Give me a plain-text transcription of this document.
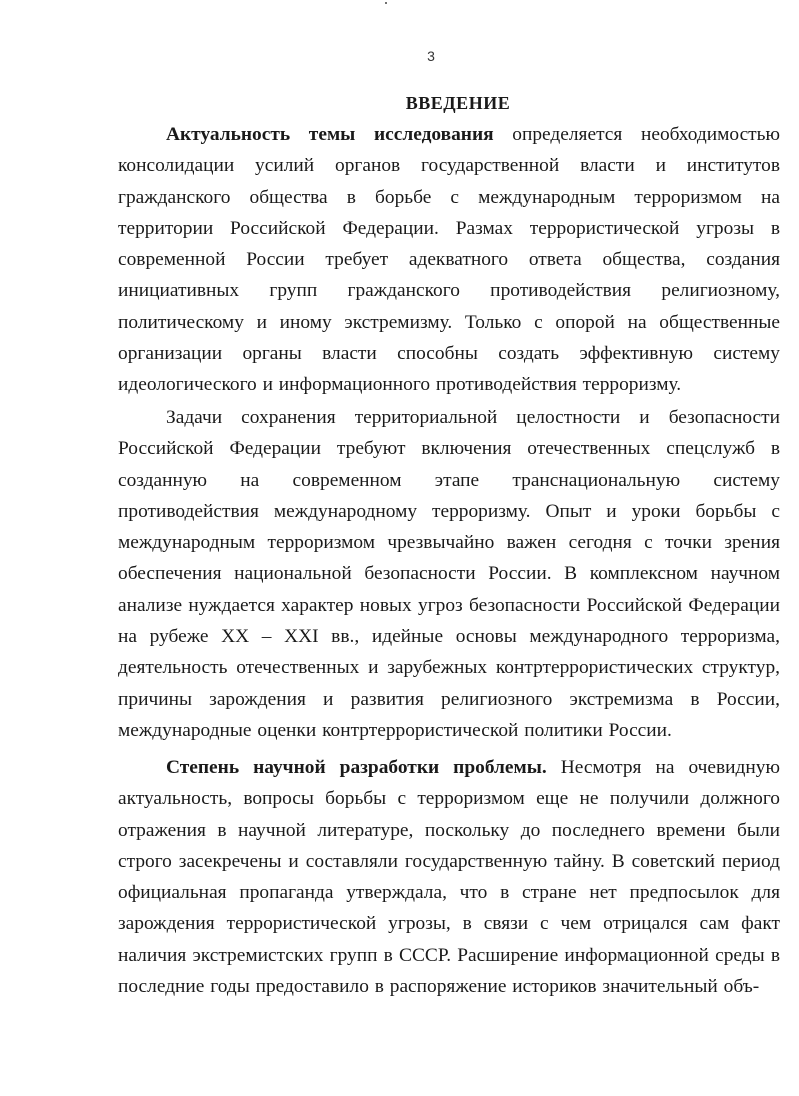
3
ВВЕДЕНИЕ

Актуальность темы исследования определяется необходимостью консолидации усилий органов государственной власти и институтов гражданского общества в борьбе с международным терроризмом на территории Российской Федерации. Размах террористической угрозы в современной России требует адекватного ответа общества, создания инициативных групп гражданского противодействия религиозному, политическому и иному экстремизму. Только с опорой на общественные организации органы власти способны создать эффективную систему идеологического и информационного противодействия терроризму.

Задачи сохранения территориальной целостности и безопасности Российской Федерации требуют включения отечественных спецслужб в созданную на современном этапе транснациональную систему противодействия международному терроризму. Опыт и уроки борьбы с международным терроризмом чрезвычайно важен сегодня с точки зрения обеспечения национальной безопасности России. В комплексном научном анализе нуждается характер новых угроз безопасности Российской Федерации на рубеже XX – XXI вв., идейные основы международного терроризма, деятельность отечественных и зарубежных контртеррористических структур, причины зарождения и развития религиозного экстремизма в России, международные оценки контртеррористической политики России.

Степень научной разработки проблемы. Несмотря на очевидную актуальность, вопросы борьбы с терроризмом еще не получили должного отражения в научной литературе, поскольку до последнего времени были строго засекречены и составляли государственную тайну. В советский период официальная пропаганда утверждала, что в стране нет предпосылок для зарождения террористической угрозы, в связи с чем отрицался сам факт наличия экстремистских групп в СССР. Расширение информационной среды в последние годы предоставило в распоряжение историков значительный объ-
